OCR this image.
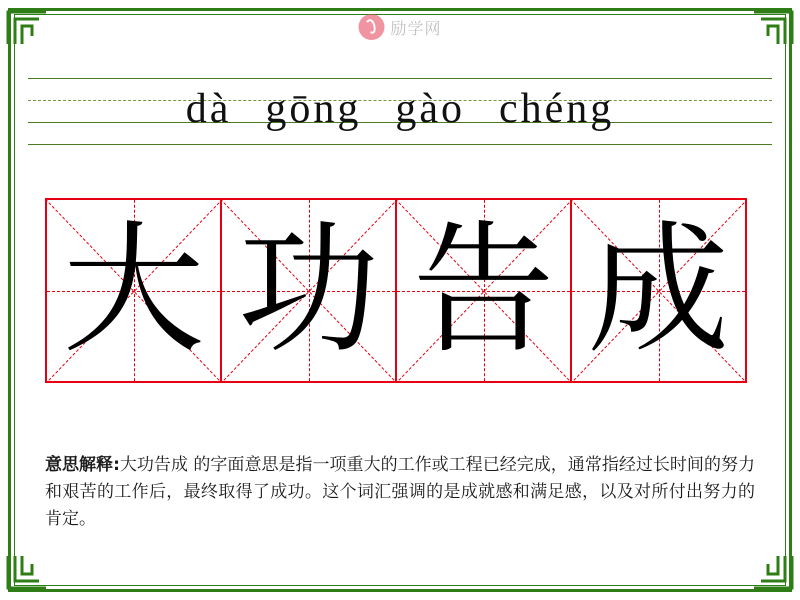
励学网
dà gōng gào chéng
大 功 告 成
意思解释:大功告成 的字面意思是指一项重大的工作或工程已经完成，通常指经过长时间的努力和艰苦的工作后，最终取得了成功。这个词汇强调的是成就感和满足感，以及对所付出努力的肯定。
